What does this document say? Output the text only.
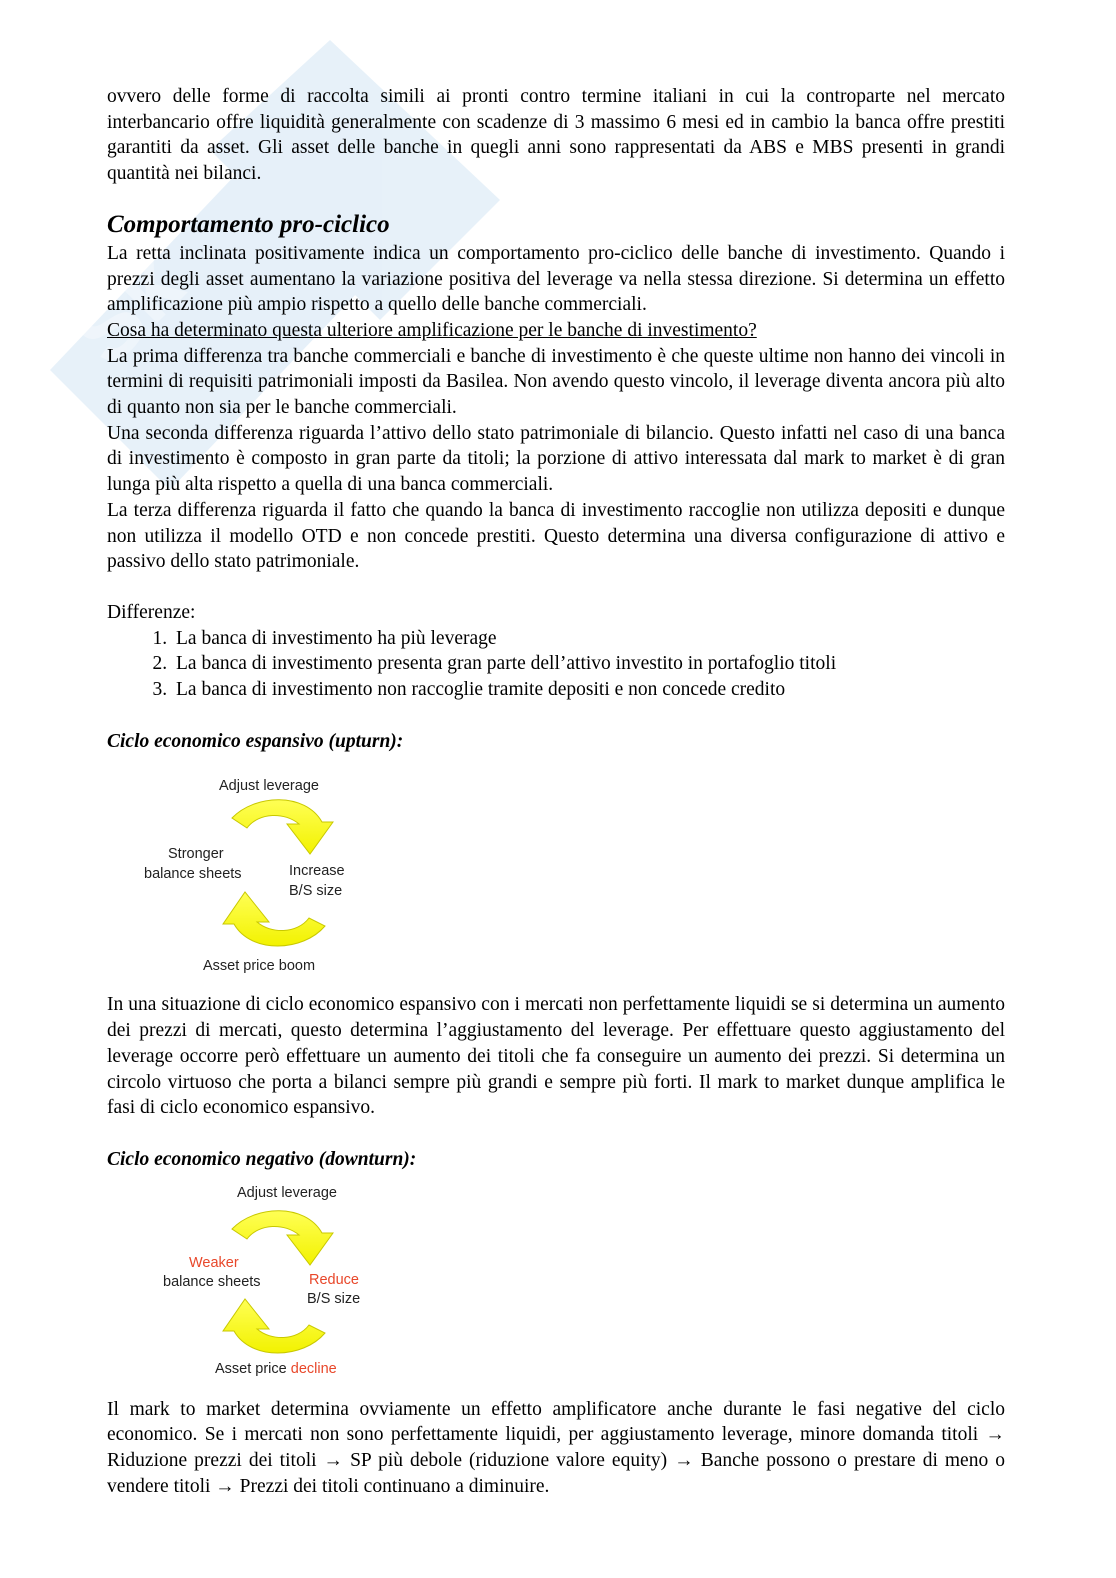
Sk

ovvero delle forme di raccolta simili ai pronti contro termine italiani in cui la controparte nel mercato interbancario offre liquidità generalmente con scadenze di 3 massimo 6 mesi ed in cambio la banca offre prestiti garantiti da asset. Gli asset delle banche in quegli anni sono rappresentati da ABS e MBS presenti in grandi quantità nei bilanci.

Comportamento pro-ciclico

La retta inclinata positivamente indica un comportamento pro-ciclico delle banche di investimento. Quando i prezzi degli asset aumentano la variazione positiva del leverage va nella stessa direzione. Si determina un effetto amplificazione più ampio rispetto a quello delle banche commerciali.

Cosa ha determinato questa ulteriore amplificazione per le banche di investimento?

La prima differenza tra banche commerciali e banche di investimento è che queste ultime non hanno dei vincoli in termini di requisiti patrimoniali imposti da Basilea. Non avendo questo vincolo, il leverage diventa ancora più alto di quanto non sia per le banche commerciali.

Una seconda differenza riguarda l’attivo dello stato patrimoniale di bilancio. Questo infatti nel caso di una banca di investimento è composto in gran parte da titoli; la porzione di attivo interessata dal mark to market è di gran lunga più alta rispetto a quella di una banca commerciali.

La terza differenza riguarda il fatto che quando la banca di investimento raccoglie non utilizza depositi e dunque non utilizza il modello OTD e non concede prestiti. Questo determina una diversa configurazione di attivo e passivo dello stato patrimoniale.

Differenze:

1. La banca di investimento ha più leverage
2. La banca di investimento presenta gran parte dell’attivo investito in portafoglio titoli
3. La banca di investimento non raccoglie tramite depositi e non concede credito

Ciclo economico espansivo (upturn):

Adjust leverage
Stronger
balance sheets	Increase
B/S size
Asset price boom

In una situazione di ciclo economico espansivo con i mercati non perfettamente liquidi se si determina un aumento dei prezzi di mercati, questo determina l’aggiustamento del leverage. Per effettuare questo aggiustamento del leverage occorre però effettuare un aumento dei titoli che fa conseguire un aumento dei prezzi. Si determina un circolo virtuoso che porta a bilanci sempre più grandi e sempre più forti. Il mark to market dunque amplifica le fasi di ciclo economico espansivo.

Ciclo economico negativo (downturn):

Adjust leverage
Weaker
balance sheets	Reduce
B/S size
Asset price decline

Il mark to market determina ovviamente un effetto amplificatore anche durante le fasi negative del ciclo economico. Se i mercati non sono perfettamente liquidi, per aggiustamento leverage, minore domanda titoli → Riduzione prezzi dei titoli → SP più debole (riduzione valore equity) → Banche possono o prestare di meno o vendere titoli → Prezzi dei titoli continuano a diminuire.
